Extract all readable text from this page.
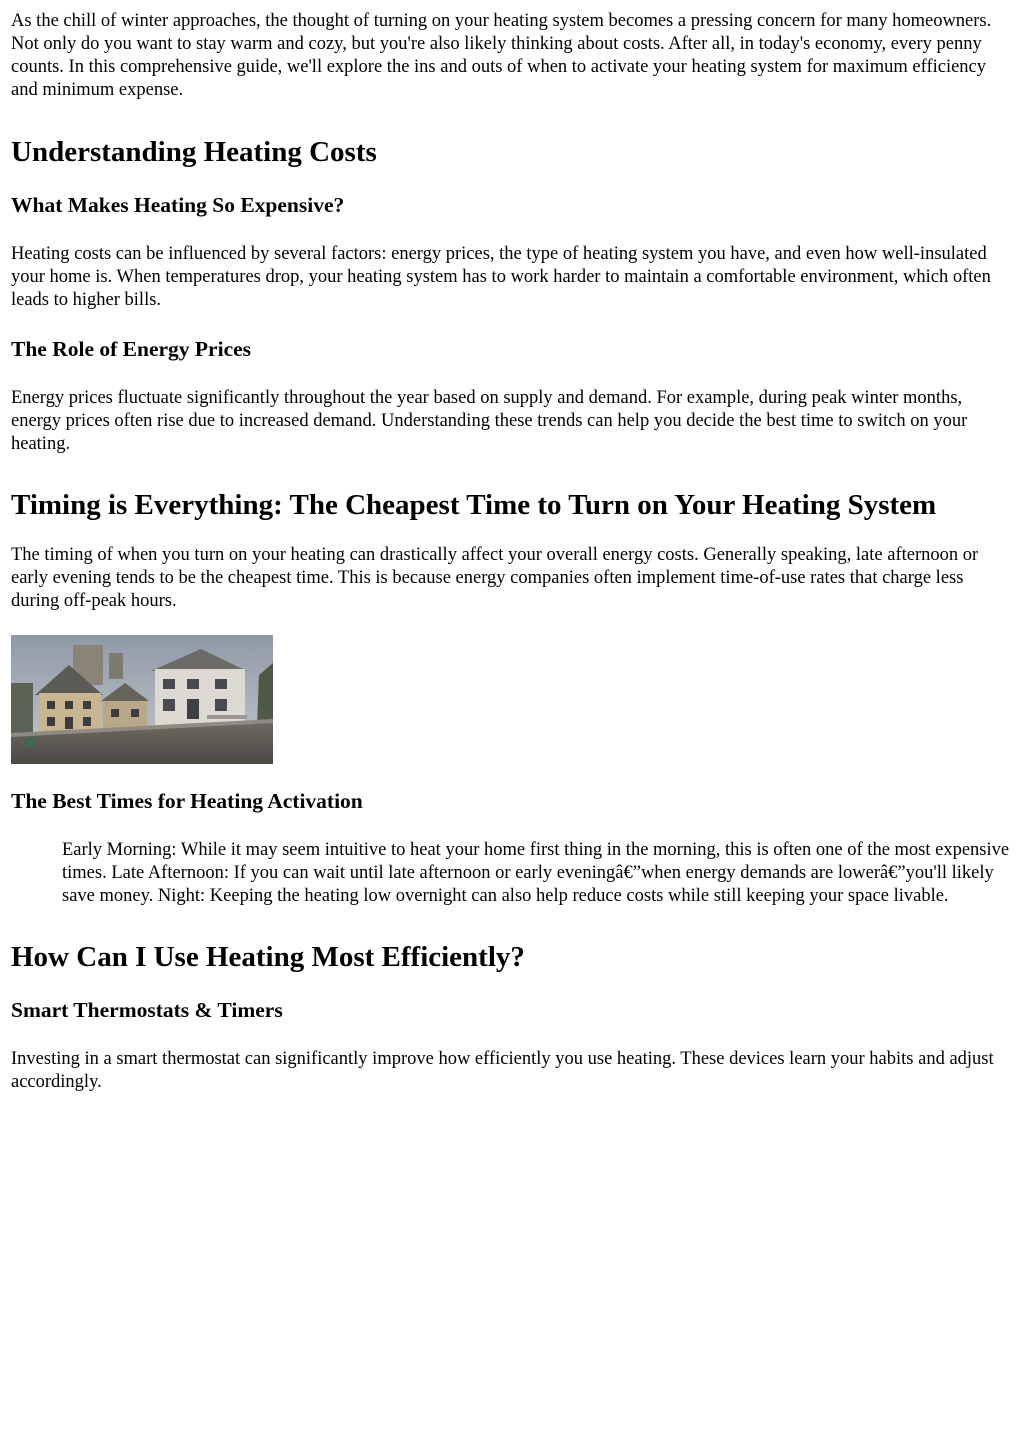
As the chill of winter approaches, the thought of turning on your heating system becomes a pressing concern for many homeowners. Not only do you want to stay warm and cozy, but you're also likely thinking about costs. After all, in today's economy, every penny counts. In this comprehensive guide, we'll explore the ins and outs of when to activate your heating system for maximum efficiency and minimum expense.

Understanding Heating Costs
What Makes Heating So Expensive?

Heating costs can be influenced by several factors: energy prices, the type of heating system you have, and even how well-insulated your home is. When temperatures drop, your heating system has to work harder to maintain a comfortable environment, which often leads to higher bills.

The Role of Energy Prices

Energy prices fluctuate significantly throughout the year based on supply and demand. For example, during peak winter months, energy prices often rise due to increased demand. Understanding these trends can help you decide the best time to switch on your heating.

Timing is Everything: The Cheapest Time to Turn on Your Heating System

The timing of when you turn on your heating can drastically affect your overall energy costs. Generally speaking, late afternoon or early evening tends to be the cheapest time. This is because energy companies often implement time-of-use rates that charge less during off-peak hours.

The Best Times for Heating Activation
Early Morning: While it may seem intuitive to heat your home first thing in the morning, this is often one of the most expensive times. Late Afternoon: If you can wait until late afternoon or early eveningâ€”when energy demands are lowerâ€”you'll likely save money. Night: Keeping the heating low overnight can also help reduce costs while still keeping your space livable.
How Can I Use Heating Most Efficiently?
Smart Thermostats & Timers

Investing in a smart thermostat can significantly improve how efficiently you use heating. These devices learn your habits and adjust accordingly.
